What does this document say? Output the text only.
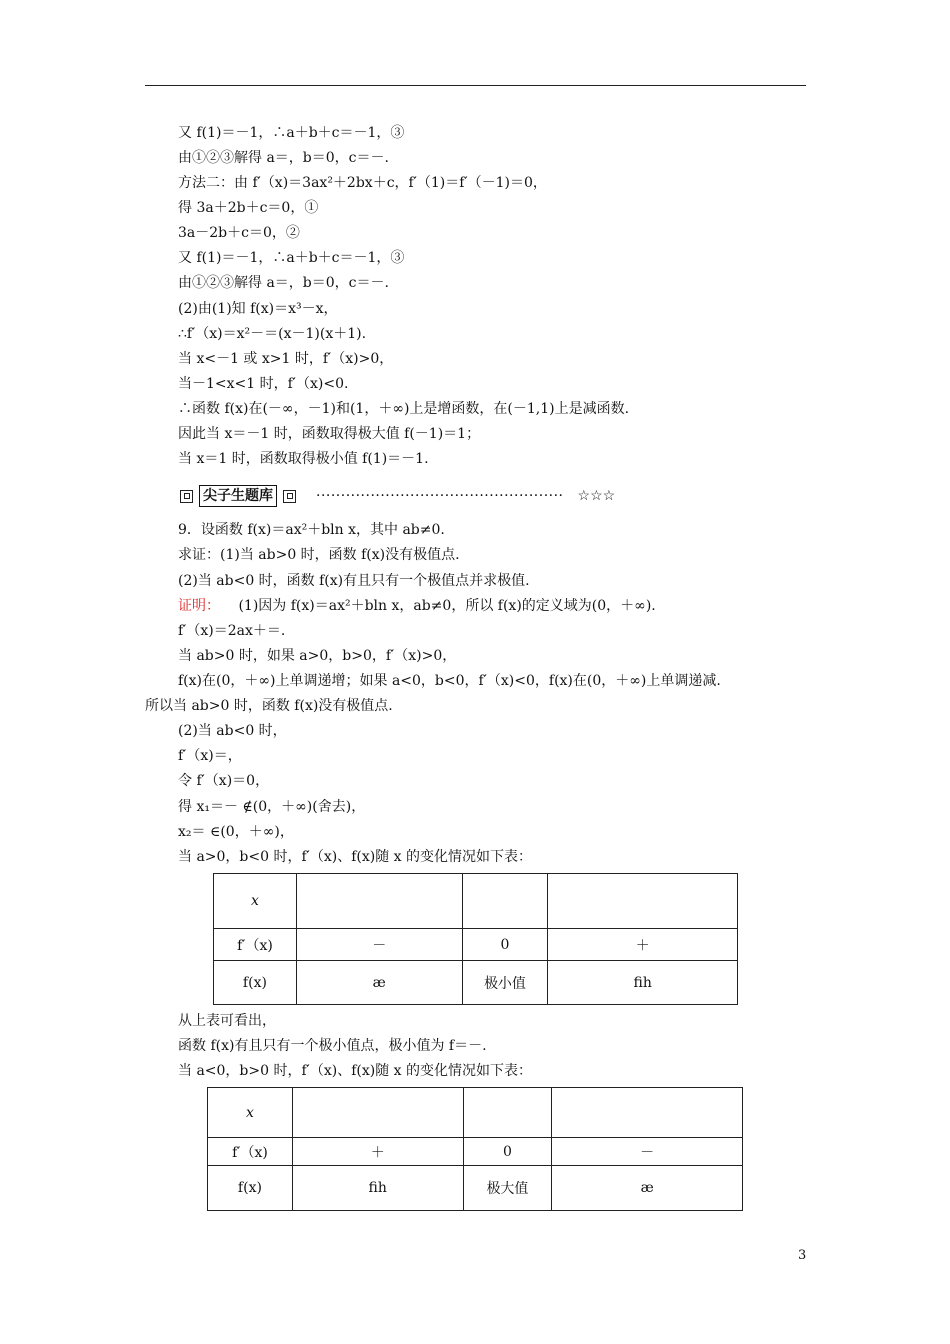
又 f(1)＝－1，∴a＋b＋c＝－1，③
由①②③解得 a＝，b＝0，c＝－.
方法二：由 f′（x)＝3ax²＋2bx＋c，f′（1)＝f′（－1)＝0，
得 3a＋2b＋c＝0，①
3a－2b＋c＝0，②
又 f(1)＝－1，∴a＋b＋c＝－1，③
由①②③解得 a＝，b＝0，c＝－.
(2)由(1)知 f(x)＝x³－x，
∴f′（x)＝x²－＝(x－1)(x＋1).
当 x<－1 或 x>1 时，f′（x)>0，
当－1<x<1 时，f′（x)<0.
∴函数 f(x)在(－∞，－1)和(1，＋∞)上是增函数，在(－1,1)上是减函数.
因此当 x＝－1 时，函数取得极大值 f(－1)＝1；
当 x＝1 时，函数取得极小值 f(1)＝－1.
尖子生题库	·················································· ☆☆☆
9．设函数 f(x)＝ax²＋bln x，其中 ab≠0.
求证：(1)当 ab>0 时，函数 f(x)没有极值点.
(2)当 ab<0 时，函数 f(x)有且只有一个极值点并求极值.
证明： (1)因为 f(x)＝ax²＋bln x，ab≠0，所以 f(x)的定义域为(0，＋∞).
f′（x)＝2ax＋＝.
当 ab>0 时，如果 a>0，b>0，f′（x)>0，
f(x)在(0，＋∞)上单调递增；如果 a<0，b<0，f′（x)<0，f(x)在(0，＋∞)上单调递减.
所以当 ab>0 时，函数 f(x)没有极值点.
(2)当 ab<0 时，
f′（x)＝，
令 f′（x)＝0，
得 x₁＝－ ∉(0，＋∞)(舍去)，
x₂＝ ∈(0，＋∞)，
当 a>0，b<0 时，f′（x)、f(x)随 x 的变化情况如下表：
x			
f′（x)	－	0	＋
f(x)	æ	极小值	ﬁh
从上表可看出，
函数 f(x)有且只有一个极小值点，极小值为 f＝－.
当 a<0，b>0 时，f′（x)、f(x)随 x 的变化情况如下表：
x			
f′（x)	＋	0	－
f(x)	ﬁh	极大值	æ
3
